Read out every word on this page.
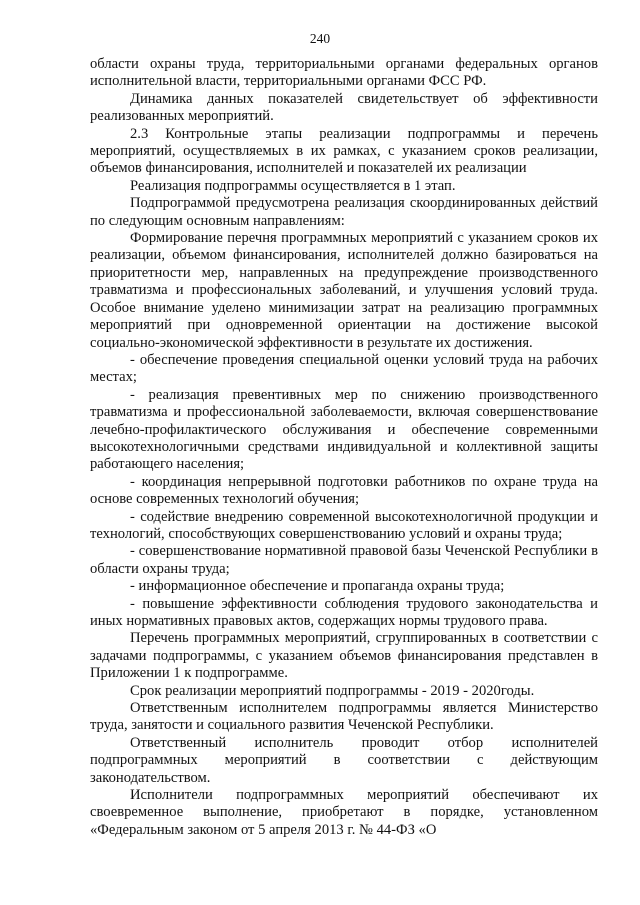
240

области охраны труда, территориальными органами федеральных органов исполнительной власти, территориальными органами ФСС РФ.

Динамика данных показателей свидетельствует об эффективности реализованных мероприятий.

2.3 Контрольные этапы реализации подпрограммы и перечень мероприятий, осуществляемых в их рамках, с указанием сроков реализации, объемов финансирования, исполнителей и показателей их реализации

Реализация подпрограммы осуществляется в 1 этап.

Подпрограммой предусмотрена реализация скоординированных действий по следующим основным направлениям:

Формирование перечня программных мероприятий с указанием сроков их реализации, объемом финансирования, исполнителей должно базироваться на приоритетности мер, направленных на предупреждение производственного травматизма и профессиональных заболеваний, и улучшения условий труда. Особое внимание уделено минимизации затрат на реализацию программных мероприятий при одновременной ориентации на достижение высокой социально-экономической эффективности в результате их достижения.

- обеспечение проведения специальной оценки условий труда на рабочих местах;

- реализация превентивных мер по снижению производственного травматизма и профессиональной заболеваемости, включая совершенствование лечебно-профилактического обслуживания и обеспечение современными высокотехнологичными средствами индивидуальной и коллективной защиты работающего населения;

- координация непрерывной подготовки работников по охране труда на основе современных технологий обучения;

- содействие внедрению современной высокотехнологичной продукции и технологий, способствующих совершенствованию условий и охраны труда;

- совершенствование нормативной правовой базы Чеченской Республики в области охраны труда;

- информационное обеспечение и пропаганда охраны труда;

- повышение эффективности соблюдения трудового законодательства и иных нормативных правовых актов, содержащих нормы трудового права.

Перечень программных мероприятий, сгруппированных в соответствии с задачами подпрограммы, с указанием объемов финансирования представлен в Приложении 1 к подпрограмме.

Срок реализации мероприятий подпрограммы - 2019 - 2020годы.

Ответственным исполнителем подпрограммы является Министерство труда, занятости и социального развития Чеченской Республики.

Ответственный исполнитель проводит отбор исполнителей подпрограммных мероприятий в соответствии с действующим законодательством.

Исполнители подпрограммных мероприятий обеспечивают их своевременное выполнение, приобретают в порядке, установленном «Федеральным законом от 5 апреля 2013 г. № 44-ФЗ «О
